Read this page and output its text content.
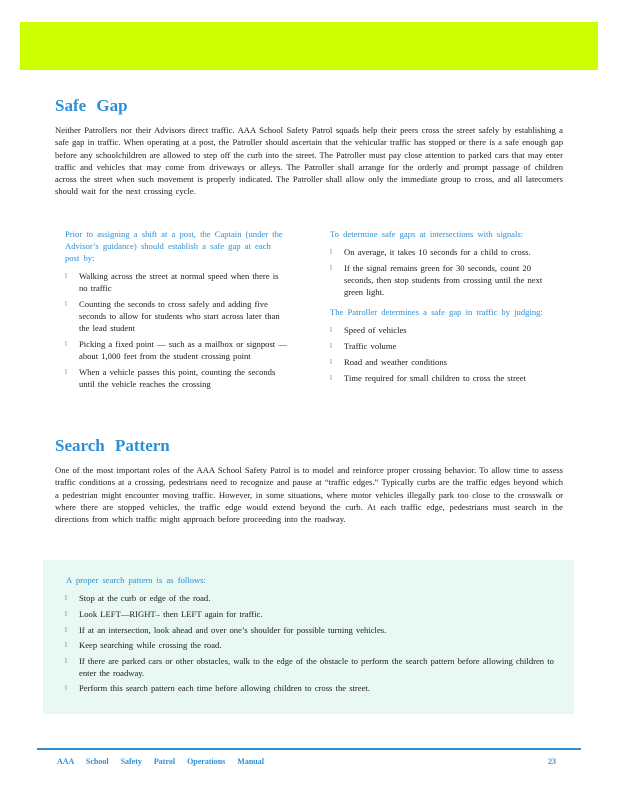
Safe Gap

Neither Patrollers nor their Advisors direct traffic. AAA School Safety Patrol squads help their peers cross the street safely by establishing a safe gap in traffic. When operating at a post, the Patroller should ascertain that the vehicular traffic has stopped or there is a safe enough gap before any schoolchildren are allowed to step off the curb into the street. The Patroller must pay close attention to parked cars that may enter traffic and vehicles that may come from driveways or alleys. The Patroller shall arrange for the orderly and prompt passage of children across the street when such movement is properly indicated. The Patroller shall allow only the immediate group to cross, and all latecomers should wait for the next crossing cycle.

Prior to assigning a shift at a post, the Captain (under the Advisor’s guidance) should establish a safe gap at each post by:

l Walking across the street at normal speed when there is no traffic
l Counting the seconds to cross safely and adding five seconds to allow for students who start across later than the lead student
l Picking a fixed point — such as a mailbox or signpost — about 1,000 feet from the student crossing point
l When a vehicle passes this point, counting the seconds until the vehicle reaches the crossing

To determine safe gaps at intersections with signals:

l On average, it takes 10 seconds for a child to cross.
l If the signal remains green for 30 seconds, count 20 seconds, then stop students from crossing until the next green light.

The Patroller determines a safe gap in traffic by judging:

l Speed of vehicles
l Traffic volume
l Road and weather conditions
l Time required for small children to cross the street
Search Pattern

One of the most important roles of the AAA School Safety Patrol is to model and reinforce proper crossing behavior. To allow time to assess traffic conditions at a crossing, pedestrians need to recognize and pause at “traffic edges.” Typically curbs are the traffic edges beyond which a pedestrian might encounter moving traffic. However, in some situations, where motor vehicles illegally park too close to the crosswalk or where there are stopped vehicles, the traffic edge would extend beyond the curb. At each traffic edge, pedestrians must search in the directions from which traffic might approach before proceeding into the roadway.

A proper search pattern is as follows:

l Stop at the curb or edge of the road.
l Look LEFT—RIGHT– then LEFT again for traffic.
l If at an intersection, look ahead and over one’s shoulder for possible turning vehicles.
l Keep searching while crossing the road.
l If there are parked cars or other obstacles, walk to the edge of the obstacle to perform the search pattern before allowing children to enter the roadway.
l Perform this search pattern each time before allowing children to cross the street.
AAA School Safety Patrol Operations Manual	23
